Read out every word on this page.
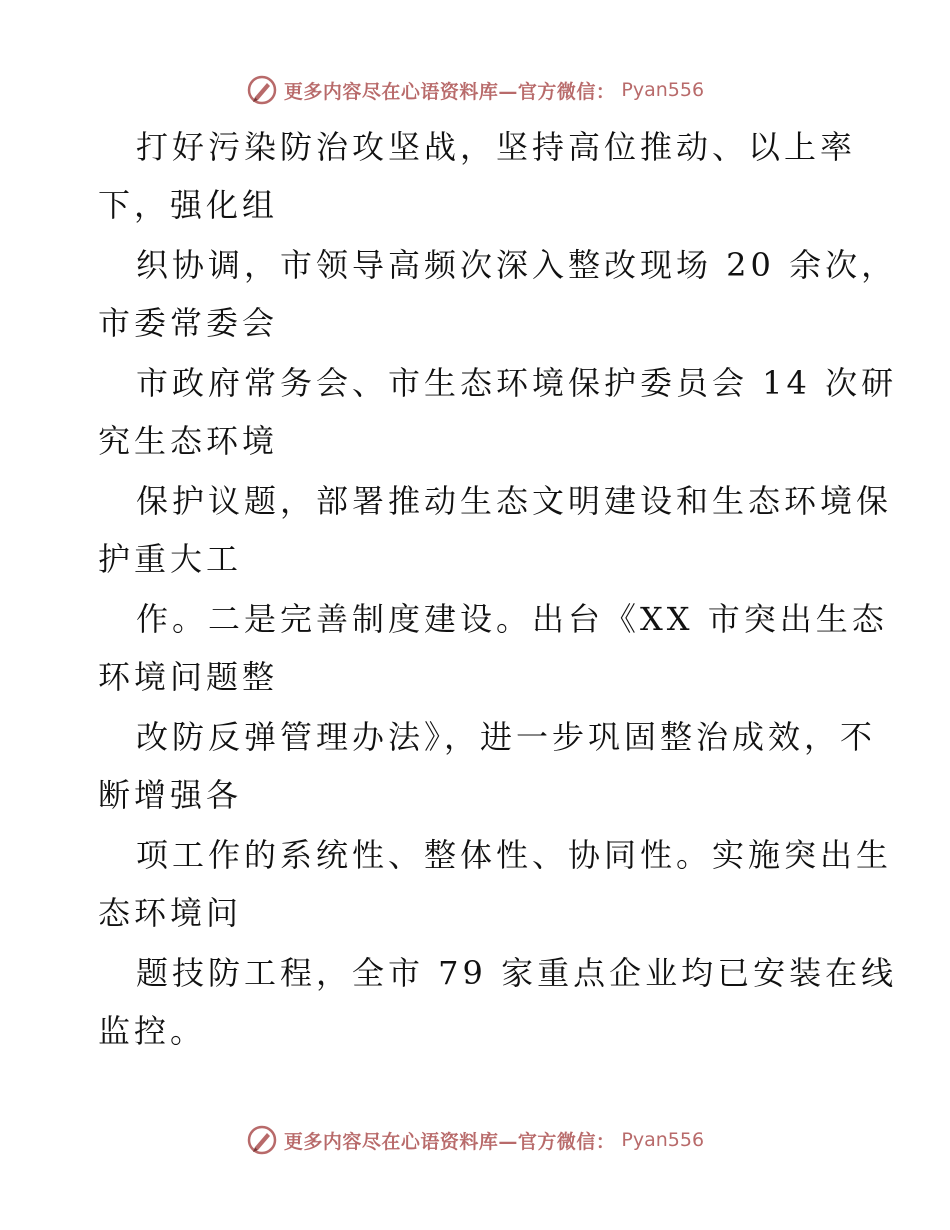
更多内容尽在心语资料库—官方微信： Pyan556
打好污染防治攻坚战，坚持高位推动、以上率
下，强化组
织协调，市领导高频次深入整改现场 20 余次，
市委常委会
市政府常务会、市生态环境保护委员会 14 次研
究生态环境
保护议题，部署推动生态文明建设和生态环境保
护重大工
作。二是完善制度建设。出台《XX 市突出生态
环境问题整
改防反弹管理办法》，进一步巩固整治成效，不
断增强各
项工作的系统性、整体性、协同性。实施突出生
态环境问
题技防工程，全市 79 家重点企业均已安装在线
监控。
更多内容尽在心语资料库—官方微信： Pyan556
